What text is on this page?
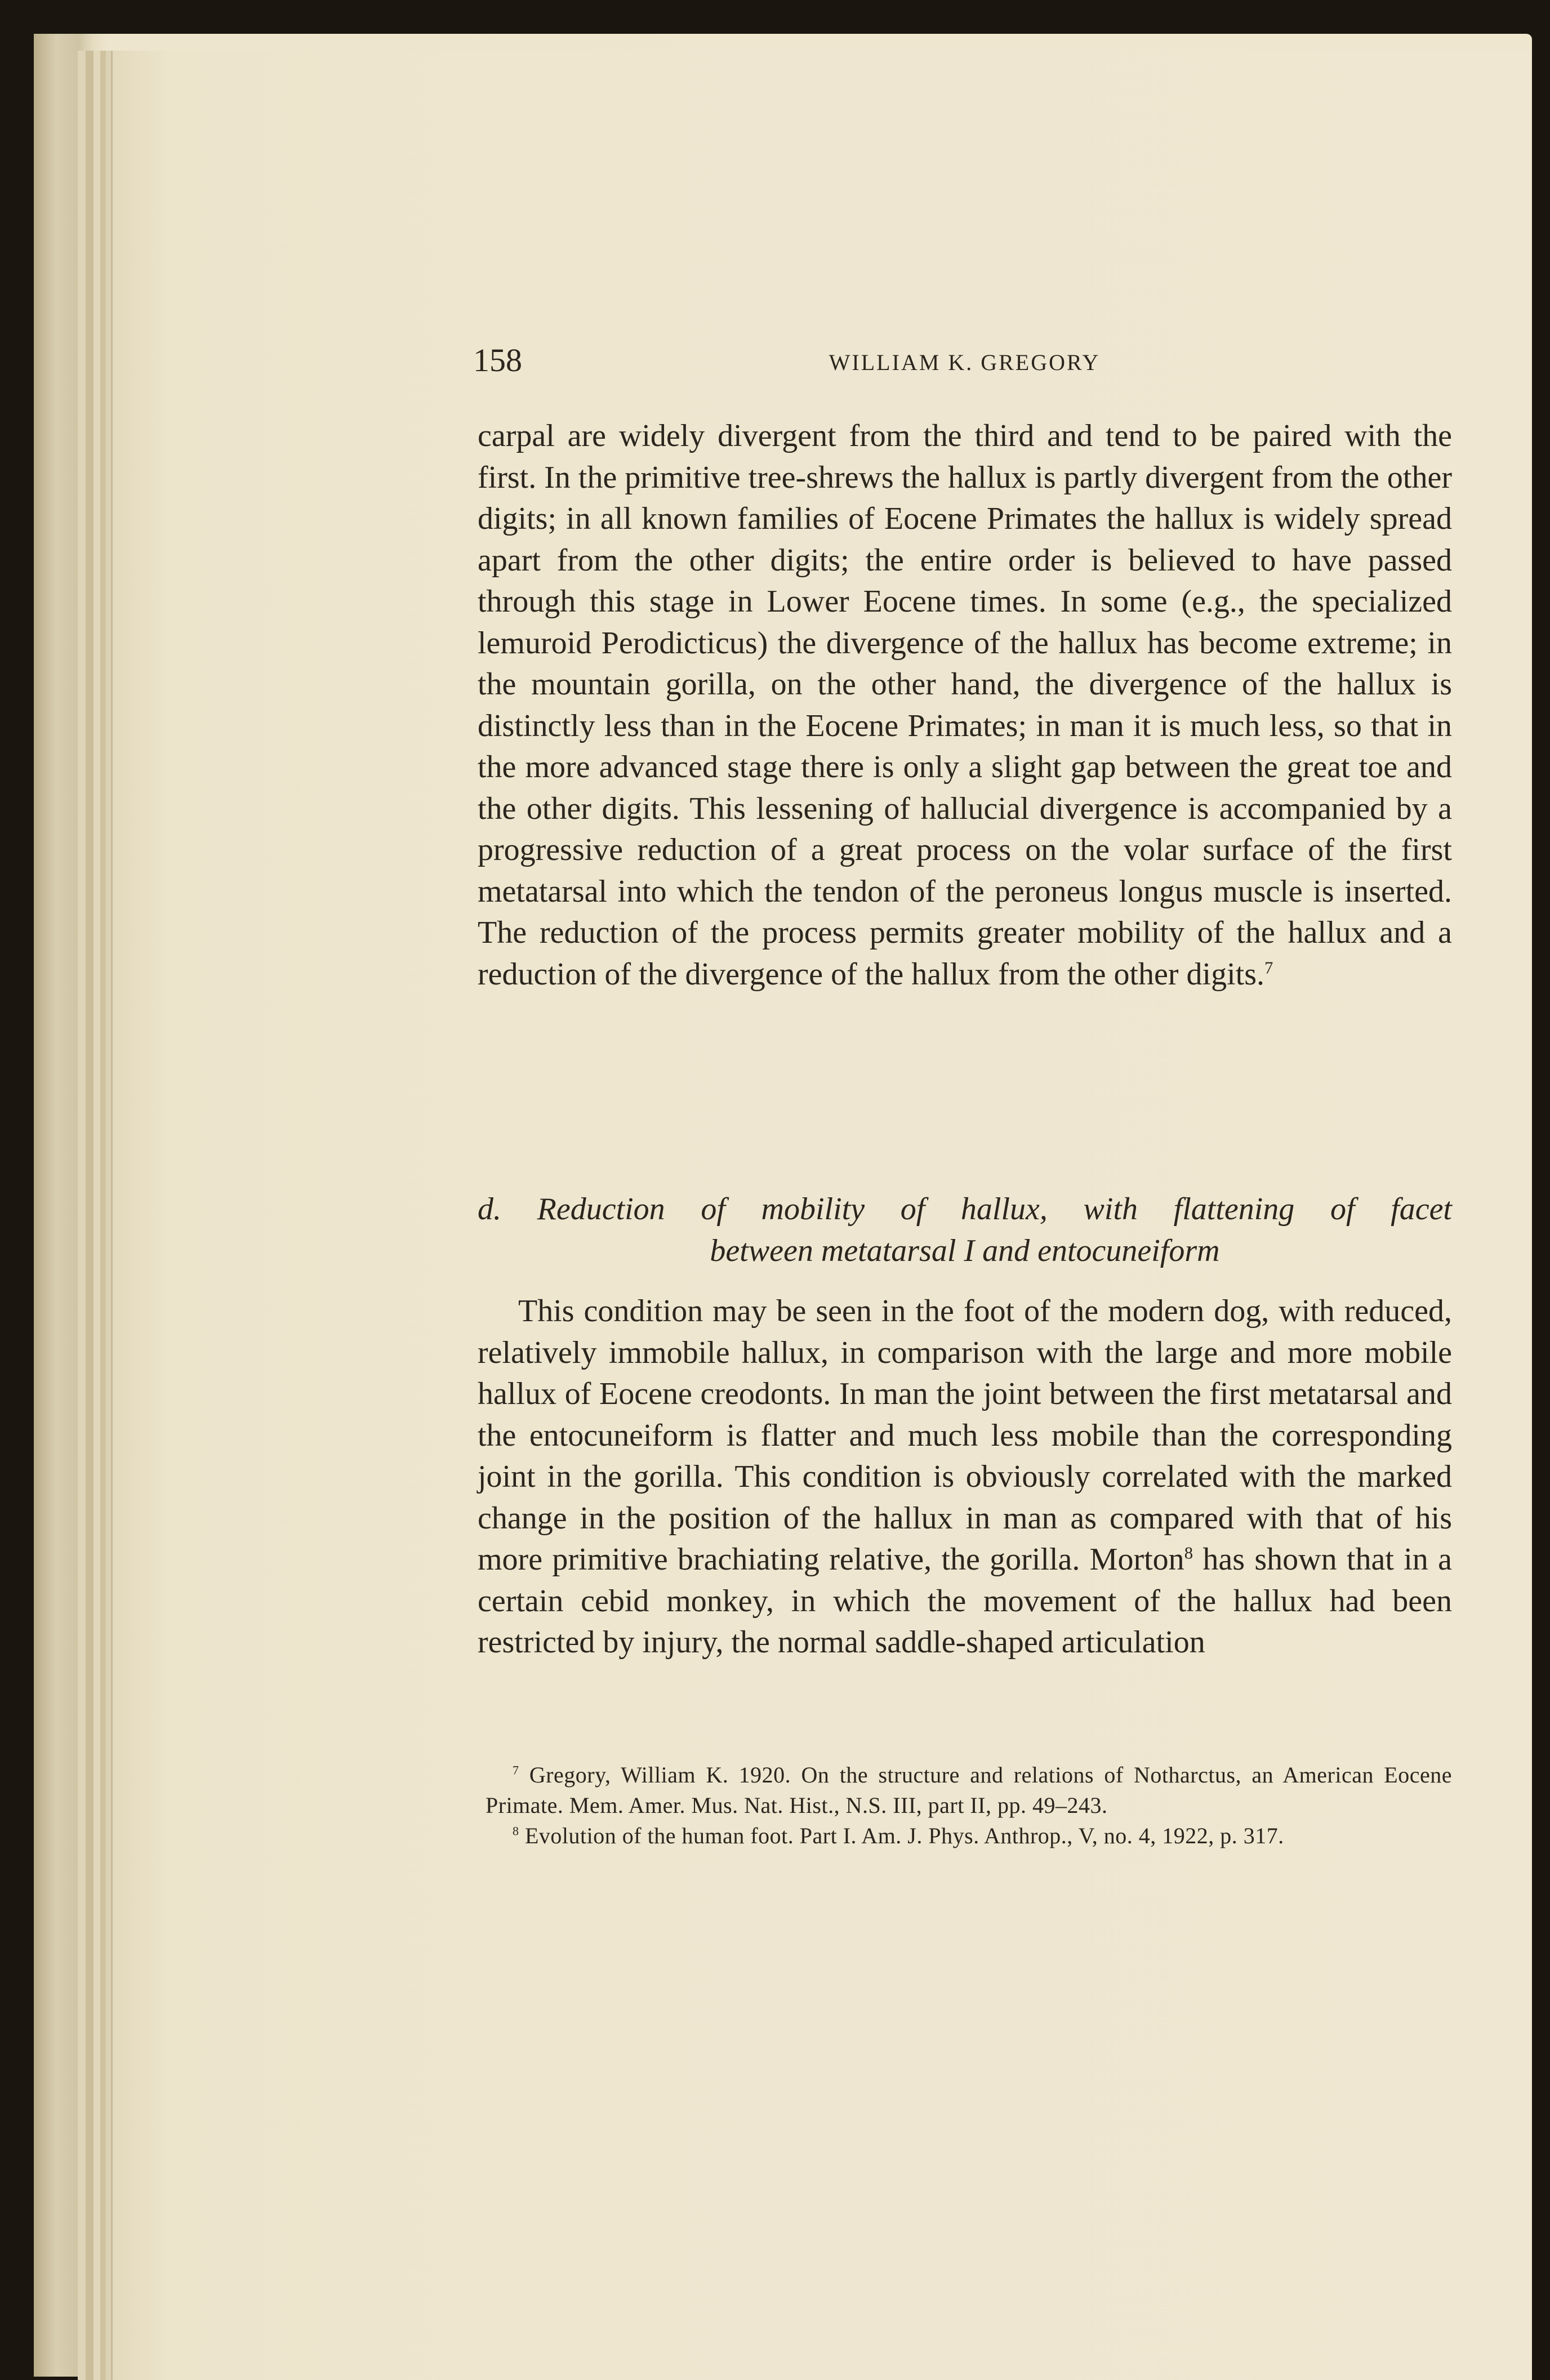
158	WILLIAM K. GREGORY

carpal are widely divergent from the third and tend to be paired with the first. In the primitive tree-shrews the hallux is partly divergent from the other digits; in all known families of Eocene Primates the hallux is widely spread apart from the other digits; the entire order is believed to have passed through this stage in Lower Eocene times. In some (e.g., the specialized lemuroid Perodicticus) the divergence of the hallux has become extreme; in the mountain gorilla, on the other hand, the divergence of the hallux is distinctly less than in the Eocene Primates; in man it is much less, so that in the more advanced stage there is only a slight gap between the great toe and the other digits. This lessening of hallucial divergence is accompanied by a progressive reduction of a great process on the volar surface of the first metatarsal into which the tendon of the peroneus longus muscle is inserted. The reduction of the process permits greater mobility of the hallux and a reduction of the divergence of the hallux from the other digits.$^7$

d. Reduction of mobility of hallux, with flattening of facet
between metatarsal I and entocuneiform

This condition may be seen in the foot of the modern dog, with reduced, relatively immobile hallux, in comparison with the large and more mobile hallux of Eocene creodonts. In man the joint between the first metatarsal and the entocuneiform is flatter and much less mobile than the corresponding joint in the gorilla. This condition is obviously correlated with the marked change in the position of the hallux in man as compared with that of his more primitive brachiating relative, the gorilla. Morton$^8$ has shown that in a certain cebid monkey, in which the movement of the hallux had been restricted by injury, the normal saddle-shaped articulation

$^7$ Gregory, William K. 1920. On the structure and relations of Notharctus, an American Eocene Primate. Mem. Amer. Mus. Nat. Hist., N.S. III, part II, pp. 49–243.

$^8$ Evolution of the human foot. Part I. Am. J. Phys. Anthrop., V, no. 4, 1922, p. 317.
